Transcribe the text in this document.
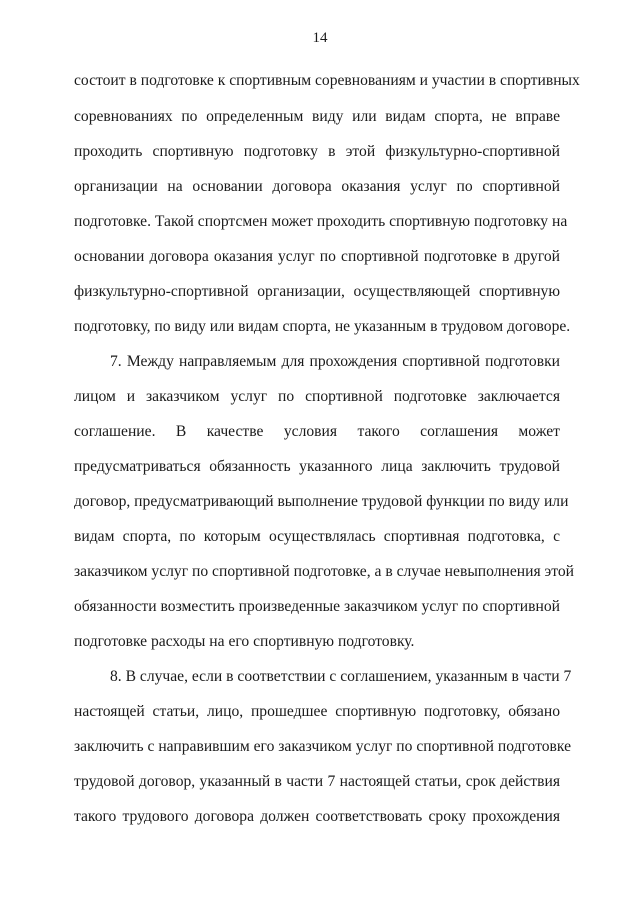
14
состоит в подготовке к спортивным соревнованиям и участии в спортивных
соревнованиях по определенным виду или видам спорта, не вправе
проходить спортивную подготовку в этой физкультурно-спортивной
организации на основании договора оказания услуг по спортивной
подготовке. Такой спортсмен может проходить спортивную подготовку на
основании договора оказания услуг по спортивной подготовке в другой
физкультурно-спортивной организации, осуществляющей спортивную
подготовку, по виду или видам спорта, не указанным в трудовом договоре.
7. Между направляемым для прохождения спортивной подготовки
лицом и заказчиком услуг по спортивной подготовке заключается
соглашение. В качестве условия такого соглашения может
предусматриваться обязанность указанного лица заключить трудовой
договор, предусматривающий выполнение трудовой функции по виду или
видам спорта, по которым осуществлялась спортивная подготовка, с
заказчиком услуг по спортивной подготовке, а в случае невыполнения этой
обязанности возместить произведенные заказчиком услуг по спортивной
подготовке расходы на его спортивную подготовку.
8. В случае, если в соответствии с соглашением, указанным в части 7
настоящей статьи, лицо, прошедшее спортивную подготовку, обязано
заключить с направившим его заказчиком услуг по спортивной подготовке
трудовой договор, указанный в части 7 настоящей статьи, срок действия
такого трудового договора должен соответствовать сроку прохождения
